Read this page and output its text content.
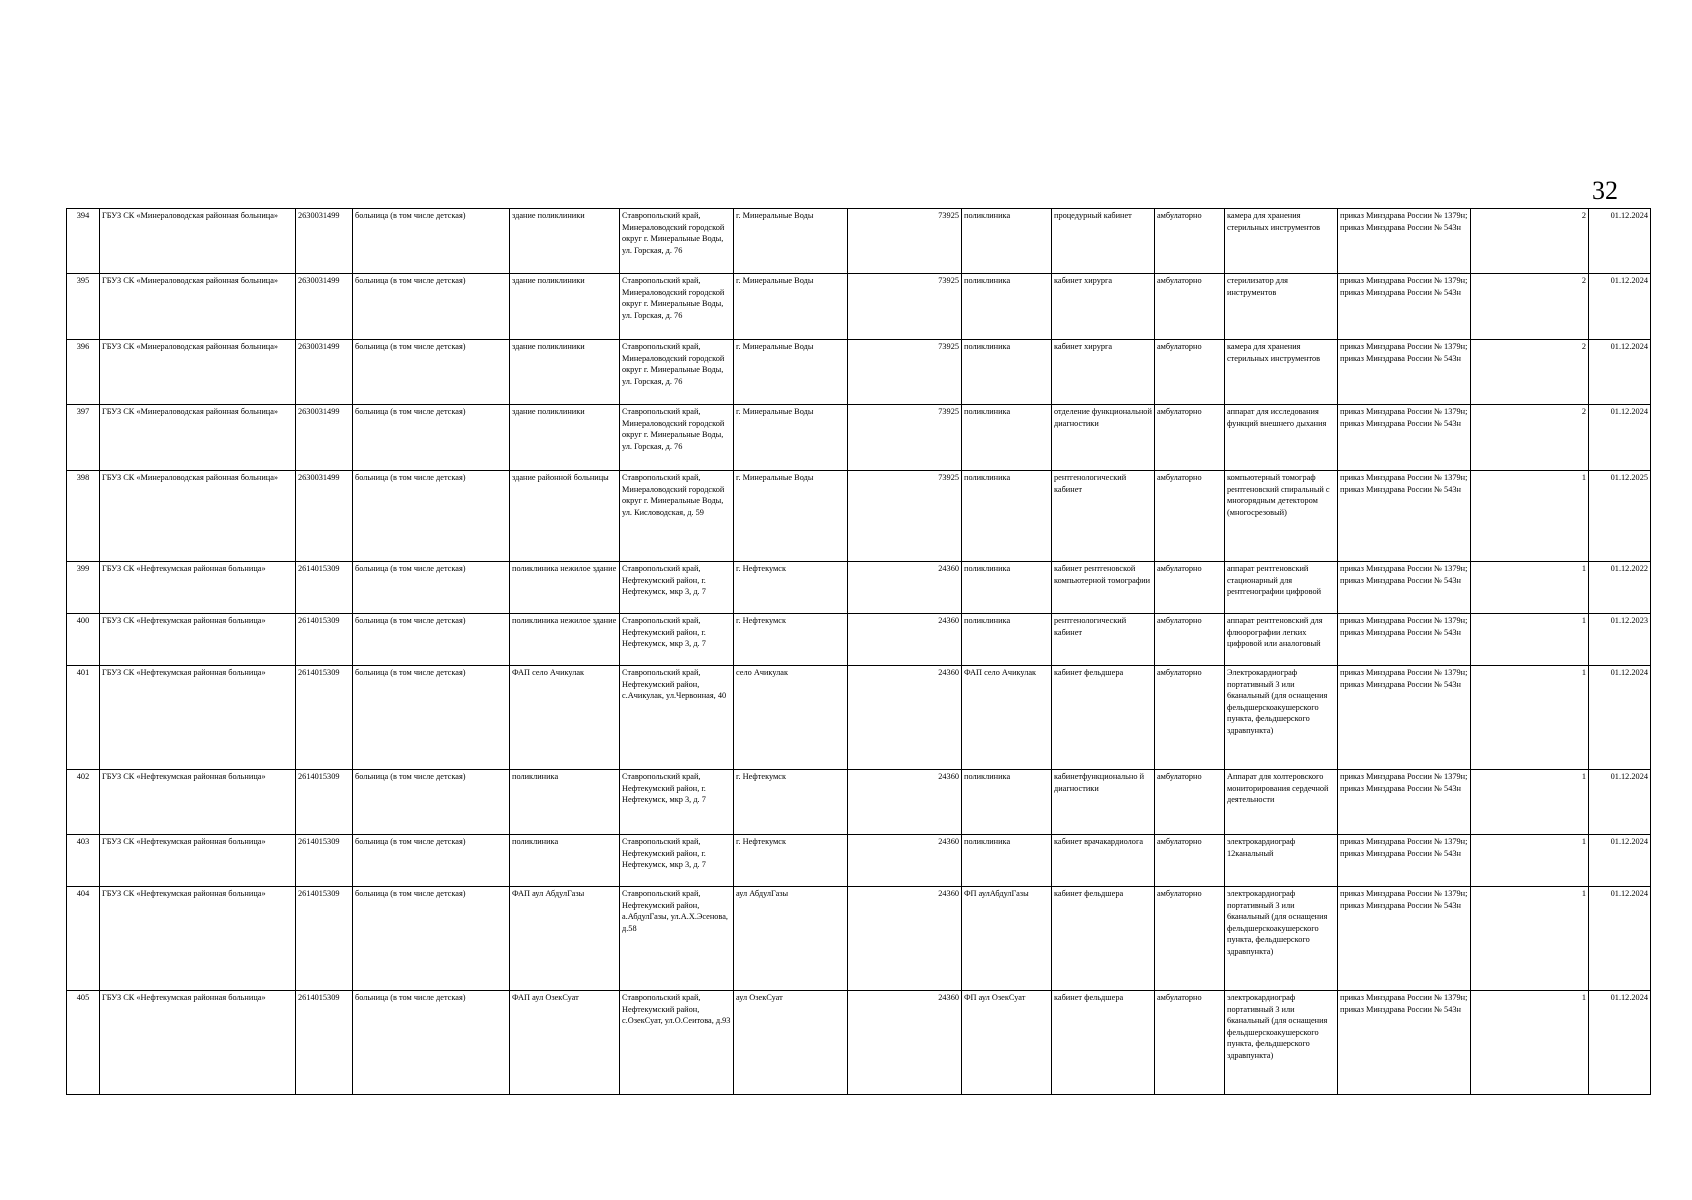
32
394	ГБУЗ СК «Минераловодская районная больница»	2630031499	больница (в том числе детская)	здание поликлиники	Ставропольский край, Минераловодский городской округ г. Минеральные Воды, ул. Горская, д. 76	г. Минеральные Воды	73925	поликлиника	процедурный кабинет	амбулаторно	камера для хранения стерильных инструментов	приказ Минздрава России № 1379н; приказ Минздрава России № 543н	2	01.12.2024
395	ГБУЗ СК «Минераловодская районная больница»	2630031499	больница (в том числе детская)	здание поликлиники	Ставропольский край, Минераловодский городской округ г. Минеральные Воды, ул. Горская, д. 76	г. Минеральные Воды	73925	поликлиника	кабинет хирурга	амбулаторно	стерилизатор для инструментов	приказ Минздрава России № 1379н; приказ Минздрава России № 543н	2	01.12.2024
396	ГБУЗ СК «Минераловодская районная больница»	2630031499	больница (в том числе детская)	здание поликлиники	Ставропольский край, Минераловодский городской округ г. Минеральные Воды, ул. Горская, д. 76	г. Минеральные Воды	73925	поликлиника	кабинет хирурга	амбулаторно	камера для хранения стерильных инструментов	приказ Минздрава России № 1379н; приказ Минздрава России № 543н	2	01.12.2024
397	ГБУЗ СК «Минераловодская районная больница»	2630031499	больница (в том числе детская)	здание поликлиники	Ставропольский край, Минераловодский городской округ г. Минеральные Воды, ул. Горская, д. 76	г. Минеральные Воды	73925	поликлиника	отделение функциональной диагностики	амбулаторно	аппарат для исследования функций внешнего дыхания	приказ Минздрава России № 1379н; приказ Минздрава России № 543н	2	01.12.2024
398	ГБУЗ СК «Минераловодская районная больница»	2630031499	больница (в том числе детская)	здание районной больницы	Ставропольский край, Минераловодский городской округ г. Минеральные Воды, ул. Кисловодская, д. 59	г. Минеральные Воды	73925	поликлиника	рентгенологический кабинет	амбулаторно	компьютерный томограф рентгеновский спиральный с многорядным детектором (многосрезовый)	приказ Минздрава России № 1379н; приказ Минздрава России № 543н	1	01.12.2025
399	ГБУЗ СК «Нефтекумская районная больница»	2614015309	больница (в том числе детская)	поликлиника нежилое здание	Ставропольский край, Нефтекумский район, г. Нефтекумск, мкр 3, д. 7	г. Нефтекумск	24360	поликлиника	кабинет рентгеновской компьютерной томографии	амбулаторно	аппарат рентгеновский стационарный для рентгенографии цифровой	приказ Минздрава России № 1379н; приказ Минздрава России № 543н	1	01.12.2022
400	ГБУЗ СК «Нефтекумская районная больница»	2614015309	больница (в том числе детская)	поликлиника нежилое здание	Ставропольский край, Нефтекумский район, г. Нефтекумск, мкр 3, д. 7	г. Нефтекумск	24360	поликлиника	рентгенологический кабинет	амбулаторно	аппарат рентгеновский для флюорографии легких цифровой или аналоговый	приказ Минздрава России № 1379н; приказ Минздрава России № 543н	1	01.12.2023
401	ГБУЗ СК «Нефтекумская районная больница»	2614015309	больница (в том числе детская)	ФАП село Ачикулак	Ставропольский край, Нефтекумский район, с.Ачикулак, ул.Червонная, 40	село Ачикулак	24360	ФАП село Ачикулак	кабинет фельдшера	амбулаторно	Электрокардиограф портативный 3 или 6канальный (для оснащения фельдшерскоакушерского пункта, фельдшерского здравпункта)	приказ Минздрава России № 1379н; приказ Минздрава России № 543н	1	01.12.2024
402	ГБУЗ СК «Нефтекумская районная больница»	2614015309	больница (в том числе детская)	поликлиника	Ставропольский край, Нефтекумский район, г. Нефтекумск, мкр 3, д. 7	г. Нефтекумск	24360	поликлиника	кабинетфункционально й диагностики	амбулаторно	Аппарат для холтеровского мониторирования сердечной деятельности	приказ Минздрава России № 1379н; приказ Минздрава России № 543н	1	01.12.2024
403	ГБУЗ СК «Нефтекумская районная больница»	2614015309	больница (в том числе детская)	поликлиника	Ставропольский край, Нефтекумский район, г. Нефтекумск, мкр 3, д. 7	г. Нефтекумск	24360	поликлиника	кабинет врачакардиолога	амбулаторно	электрокардиограф 12канальный	приказ Минздрава России № 1379н; приказ Минздрава России № 543н	1	01.12.2024
404	ГБУЗ СК «Нефтекумская районная больница»	2614015309	больница (в том числе детская)	ФАП аул АбдулГазы	Ставропольский край, Нефтекумский район, а.АбдулГазы, ул.А.Х.Эсенова, д.58	аул АбдулГазы	24360	ФП аулАбдулГазы	кабинет фельдшера	амбулаторно	электрокардиограф портативный 3 или 6канальный (для оснащения фельдшерскоакушерского пункта, фельдшерского здравпункта)	приказ Минздрава России № 1379н; приказ Минздрава России № 543н	1	01.12.2024
405	ГБУЗ СК «Нефтекумская районная больница»	2614015309	больница (в том числе детская)	ФАП аул ОзекСуат	Ставропольский край, Нефтекумский район, с.ОзекСуат, ул.О.Сеитова, д.93	аул ОзекСуат	24360	ФП аул ОзекСуат	кабинет фельдшера	амбулаторно	электрокардиограф портативный 3 или 6канальный (для оснащения фельдшерскоакушерского пункта, фельдшерского здравпункта)	приказ Минздрава России № 1379н; приказ Минздрава России № 543н	1	01.12.2024
